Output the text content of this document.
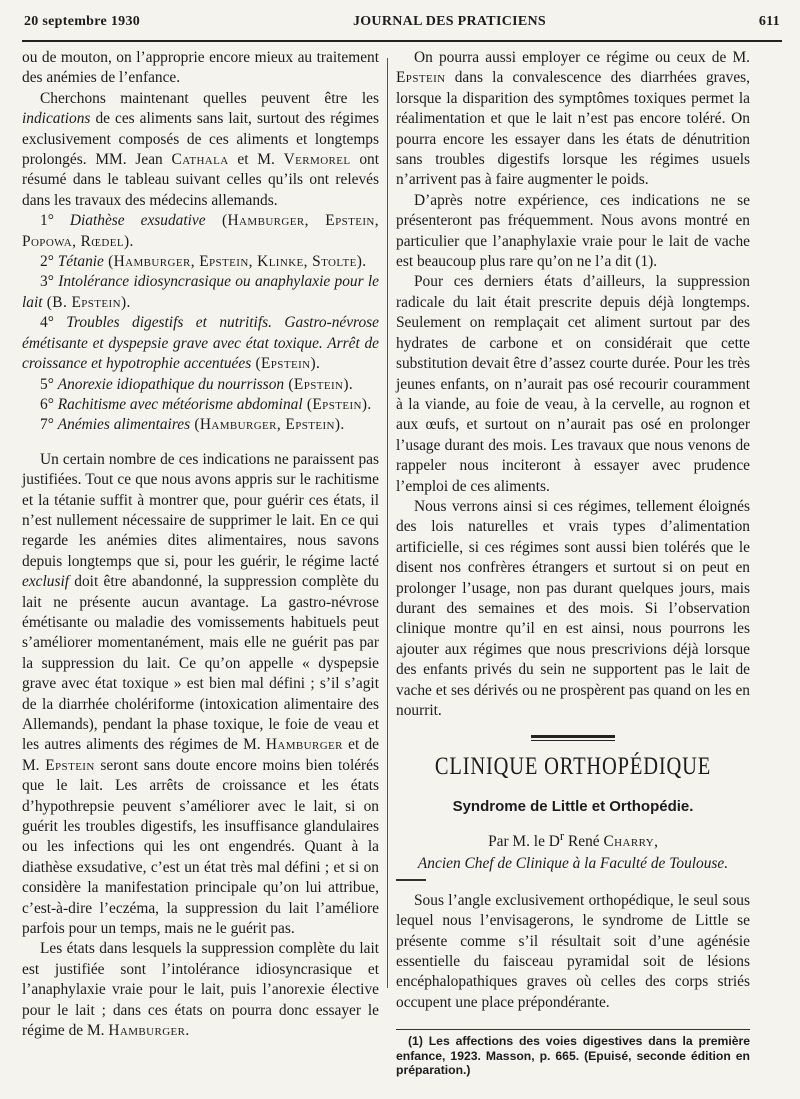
20 septembre 1930	JOURNAL DES PRATICIENS	611

ou de mouton, on l’approprie encore mieux au traitement des anémies de l’enfance.

Cherchons maintenant quelles peuvent être les indications de ces aliments sans lait, surtout des régimes exclusivement composés de ces aliments et longtemps prolongés. MM. Jean Cathala et M. Vermorel ont résumé dans le tableau suivant celles qu’ils ont relevés dans les travaux des médecins allemands.

1° Diathèse exsudative (Hamburger, Epstein, Popowa, Rœdel).

2° Tétanie (Hamburger, Epstein, Klinke, Stolte).

3° Intolérance idiosyncrasique ou anaphylaxie pour le lait (B. Epstein).

4° Troubles digestifs et nutritifs. Gastro-névrose émétisante et dyspepsie grave avec état toxique. Arrêt de croissance et hypotrophie accentuées (Epstein).

5° Anorexie idiopathique du nourrisson (Epstein).

6° Rachitisme avec météorisme abdominal (Epstein).

7° Anémies alimentaires (Hamburger, Epstein).

Un certain nombre de ces indications ne paraissent pas justifiées. Tout ce que nous avons appris sur le rachitisme et la tétanie suffit à montrer que, pour guérir ces états, il n’est nullement nécessaire de supprimer le lait. En ce qui regarde les anémies dites alimentaires, nous savons depuis longtemps que si, pour les guérir, le régime lacté exclusif doit être abandonné, la suppression complète du lait ne présente aucun avantage. La gastro-névrose émétisante ou maladie des vomissements habituels peut s’améliorer momentanément, mais elle ne guérit pas par la suppression du lait. Ce qu’on appelle « dyspepsie grave avec état toxique » est bien mal défini ; s’il s’agit de la diarrhée cholériforme (intoxication alimentaire des Allemands), pendant la phase toxique, le foie de veau et les autres aliments des régimes de M. Hamburger et de M. Epstein seront sans doute encore moins bien tolérés que le lait. Les arrêts de croissance et les états d’hypothrepsie peuvent s’améliorer avec le lait, si on guérit les troubles digestifs, les insuffisance glandulaires ou les infections qui les ont engendrés. Quant à la diathèse exsudative, c’est un état très mal défini ; et si on considère la manifestation principale qu’on lui attribue, c’est-à-dire l’eczéma, la suppression du lait l’améliore parfois pour un temps, mais ne le guérit pas.

Les états dans lesquels la suppression complète du lait est justifiée sont l’intolérance idiosyncrasique et l’anaphylaxie vraie pour le lait, puis l’anorexie élective pour le lait ; dans ces états on pourra donc essayer le régime de M. Hamburger.

On pourra aussi employer ce régime ou ceux de M. Epstein dans la convalescence des diarrhées graves, lorsque la disparition des symptômes toxiques permet la réalimentation et que le lait n’est pas encore toléré. On pourra encore les essayer dans les états de dénutrition sans troubles digestifs lorsque les régimes usuels n’arrivent pas à faire augmenter le poids.

D’après notre expérience, ces indications ne se présenteront pas fréquemment. Nous avons montré en particulier que l’anaphylaxie vraie pour le lait de vache est beaucoup plus rare qu’on ne l’a dit (1).

Pour ces derniers états d’ailleurs, la suppression radicale du lait était prescrite depuis déjà longtemps. Seulement on remplaçait cet aliment surtout par des hydrates de carbone et on considérait que cette substitution devait être d’assez courte durée. Pour les très jeunes enfants, on n’aurait pas osé recourir couramment à la viande, au foie de veau, à la cervelle, au rognon et aux œufs, et surtout on n’aurait pas osé en prolonger l’usage durant des mois. Les travaux que nous venons de rappeler nous inciteront à essayer avec prudence l’emploi de ces aliments.

Nous verrons ainsi si ces régimes, tellement éloignés des lois naturelles et vrais types d’alimentation artificielle, si ces régimes sont aussi bien tolérés que le disent nos confrères étrangers et surtout si on peut en prolonger l’usage, non pas durant quelques jours, mais durant des semaines et des mois. Si l’observation clinique montre qu’il en est ainsi, nous pourrons les ajouter aux régimes que nous prescrivions déjà lorsque des enfants privés du sein ne supportent pas le lait de vache et ses dérivés ou ne prospèrent pas quand on les en nourrit.

CLINIQUE ORTHOPÉDIQUE

Syndrome de Little et Orthopédie.

Par M. le $D^r$ René Charry,

Ancien Chef de Clinique à la Faculté de Toulouse.

Sous l’angle exclusivement orthopédique, le seul sous lequel nous l’envisagerons, le syndrome de Little se présente comme s’il résultait soit d’une agénésie essentielle du faisceau pyramidal soit de lésions encéphalopathiques graves où celles des corps striés occupent une place prépondérante.

(1) Les affections des voies digestives dans la première enfance, 1923. Masson, p. 665. (Epuisé, seconde édition en préparation.)
